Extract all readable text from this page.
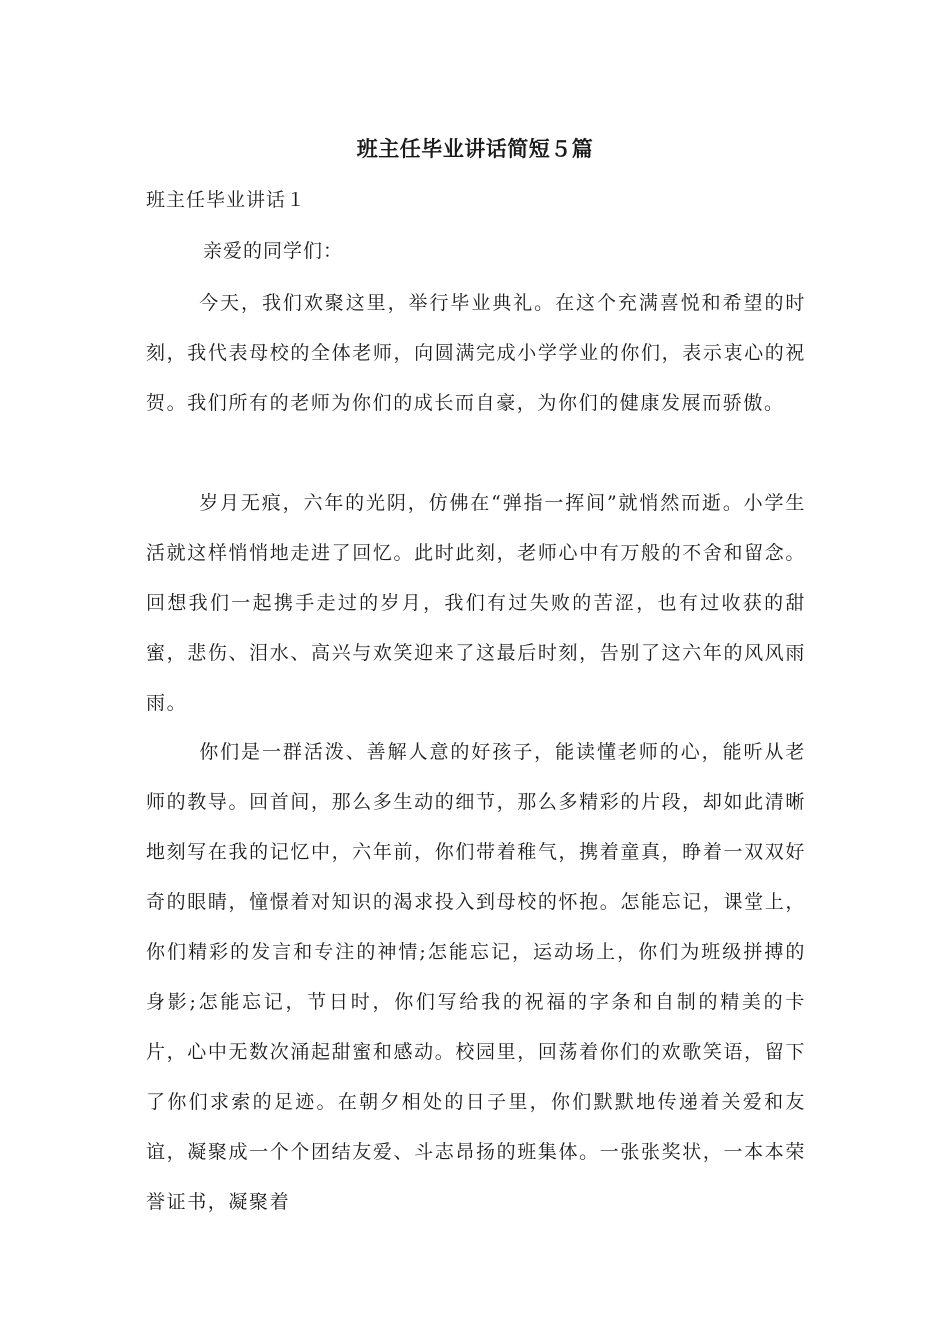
班主任毕业讲话简短５篇
班主任毕业讲话１
亲爱的同学们：

今天，我们欢聚这里，举行毕业典礼。在这个充满喜悦和希望的时刻，我代表母校的全体老师，向圆满完成小学学业的你们，表示衷心的祝贺。我们所有的老师为你们的成长而自豪，为你们的健康发展而骄傲。

岁月无痕，六年的光阴，仿佛在“弹指一挥间”就悄然而逝。小学生活就这样悄悄地走进了回忆。此时此刻，老师心中有万般的不舍和留念。回想我们一起携手走过的岁月，我们有过失败的苦涩，也有过收获的甜蜜，悲伤、泪水、高兴与欢笑迎来了这最后时刻，告别了这六年的风风雨雨。

你们是一群活泼、善解人意的好孩子，能读懂老师的心，能听从老师的教导。回首间，那么多生动的细节，那么多精彩的片段，却如此清晰地刻写在我的记忆中，六年前，你们带着稚气，携着童真，睁着一双双好奇的眼睛，憧憬着对知识的渴求投入到母校的怀抱。怎能忘记，课堂上，你们精彩的发言和专注的神情;怎能忘记，运动场上，你们为班级拼搏的身影;怎能忘记，节日时，你们写给我的祝福的字条和自制的精美的卡片，心中无数次涌起甜蜜和感动。校园里，回荡着你们的欢歌笑语，留下了你们求索的足迹。在朝夕相处的日子里，你们默默地传递着关爱和友谊，凝聚成一个个团结友爱、斗志昂扬的班集体。一张张奖状，一本本荣誉证书，凝聚着
